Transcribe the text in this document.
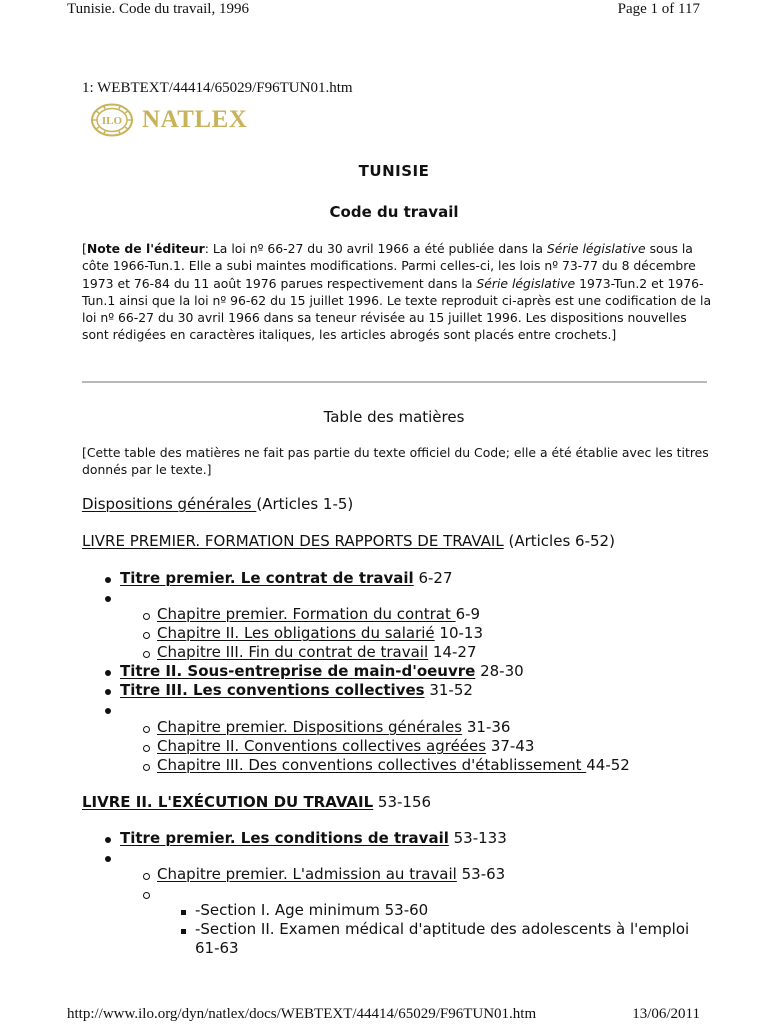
Tunisie. Code du travail, 1996	Page 1 of 117
1: WEBTEXT/44414/65029/F96TUN01.htm
ILO NATLEX
TUNISIE
Code du travail
[Note de l'éditeur: La loi nº 66-27 du 30 avril 1966 a été publiée dans la Série législative sous la côte 1966-Tun.1. Elle a subi maintes modifications. Parmi celles-ci, les lois nº 73-77 du 8 décembre 1973 et 76-84 du 11 août 1976 parues respectivement dans la Série législative 1973-Tun.2 et 1976-Tun.1 ainsi que la loi nº 96-62 du 15 juillet 1996. Le texte reproduit ci-après est une codification de la loi nº 66-27 du 30 avril 1966 dans sa teneur révisée au 15 juillet 1996. Les dispositions nouvelles sont rédigées en caractères italiques, les articles abrogés sont placés entre crochets.]
Table des matières
[Cette table des matières ne fait pas partie du texte officiel du Code; elle a été établie avec les titres donnés par le texte.]
Dispositions générales (Articles 1-5)
LIVRE PREMIER. FORMATION DES RAPPORTS DE TRAVAIL (Articles 6-52)
Titre premier. Le contrat de travail 6-27
Chapitre premier. Formation du contrat 6-9
Chapitre II. Les obligations du salarié 10-13
Chapitre III. Fin du contrat de travail 14-27
Titre II. Sous-entreprise de main-d'oeuvre 28-30
Titre III. Les conventions collectives 31-52
Chapitre premier. Dispositions générales 31-36
Chapitre II. Conventions collectives agréées 37-43
Chapitre III. Des conventions collectives d'établissement 44-52
LIVRE II. L'EXÉCUTION DU TRAVAIL 53-156
Titre premier. Les conditions de travail 53-133
Chapitre premier. L'admission au travail 53-63
-Section I. Age minimum 53-60
-Section II. Examen médical d'aptitude des adolescents à l'emploi
61-63
http://www.ilo.org/dyn/natlex/docs/WEBTEXT/44414/65029/F96TUN01.htm	13/06/2011
